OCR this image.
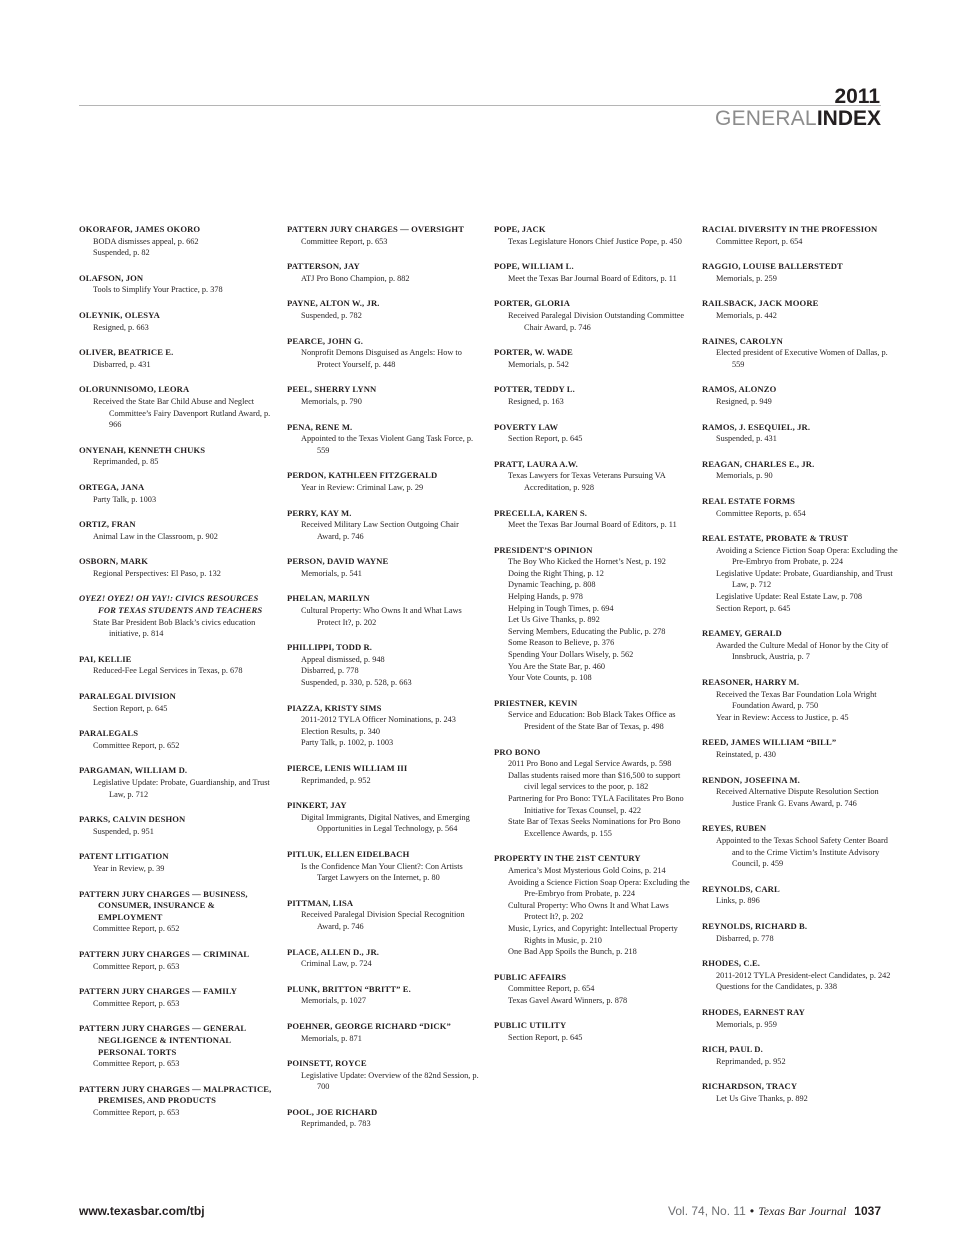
2011
GENERALINDEX
OKORAFOR, JAMES OKORO
BODA dismisses appeal, p. 662
Suspended, p. 82
OLAFSON, JON
Tools to Simplify Your Practice, p. 378
OLEYNIK, OLESYA
Resigned, p. 663
OLIVER, BEATRICE E.
Disbarred, p. 431
OLORUNNISOMO, LEORA
Received the State Bar Child Abuse and Neglect Committee’s Fairy Davenport Rutland Award, p. 966
ONYENAH, KENNETH CHUKS
Reprimanded, p. 85
ORTEGA, JANA
Party Talk, p. 1003
ORTIZ, FRAN
Animal Law in the Classroom, p. 902
OSBORN, MARK
Regional Perspectives: El Paso, p. 132
OYEZ! OYEZ! OH YAY!: CIVICS RESOURCES FOR TEXAS STUDENTS AND TEACHERS
State Bar President Bob Black’s civics education initiative, p. 814
PAI, KELLIE
Reduced-Fee Legal Services in Texas, p. 678
PARALEGAL DIVISION
Section Report, p. 645
PARALEGALS
Committee Report, p. 652
PARGAMAN, WILLIAM D.
Legislative Update: Probate, Guardianship, and Trust Law, p. 712
PARKS, CALVIN DESHON
Suspended, p. 951
PATENT LITIGATION
Year in Review, p. 39
PATTERN JURY CHARGES — BUSINESS, CONSUMER, INSURANCE & EMPLOYMENT
Committee Report, p. 652
PATTERN JURY CHARGES — CRIMINAL
Committee Report, p. 653
PATTERN JURY CHARGES — FAMILY
Committee Report, p. 653
PATTERN JURY CHARGES — GENERAL NEGLIGENCE & INTENTIONAL PERSONAL TORTS
Committee Report, p. 653
PATTERN JURY CHARGES — MALPRACTICE, PREMISES, AND PRODUCTS
Committee Report, p. 653
PATTERN JURY CHARGES — OVERSIGHT
Committee Report, p. 653
PATTERSON, JAY
ATJ Pro Bono Champion, p. 882
PAYNE, ALTON W., JR.
Suspended, p. 782
PEARCE, JOHN G.
Nonprofit Demons Disguised as Angels: How to Protect Yourself, p. 448
PEEL, SHERRY LYNN
Memorials, p. 790
PENA, RENE M.
Appointed to the Texas Violent Gang Task Force, p. 559
PERDON, KATHLEEN FITZGERALD
Year in Review: Criminal Law, p. 29
PERRY, KAY M.
Received Military Law Section Outgoing Chair Award, p. 746
PERSON, DAVID WAYNE
Memorials, p. 541
PHELAN, MARILYN
Cultural Property: Who Owns It and What Laws Protect It?, p. 202
PHILLIPPI, TODD R.
Appeal dismissed, p. 948
Disbarred, p. 778
Suspended, p. 330, p. 528, p. 663
PIAZZA, KRISTY SIMS
2011-2012 TYLA Officer Nominations, p. 243
Election Results, p. 340
Party Talk, p. 1002, p. 1003
PIERCE, LENIS WILLIAM III
Reprimanded, p. 952
PINKERT, JAY
Digital Immigrants, Digital Natives, and Emerging Opportunities in Legal Technology, p. 564
PITLUK, ELLEN EIDELBACH
Is the Confidence Man Your Client?: Con Artists Target Lawyers on the Internet, p. 80
PITTMAN, LISA
Received Paralegal Division Special Recognition Award, p. 746
PLACE, ALLEN D., JR.
Criminal Law, p. 724
PLUNK, BRITTON “BRITT” E.
Memorials, p. 1027
POEHNER, GEORGE RICHARD “DICK”
Memorials, p. 871
POINSETT, ROYCE
Legislative Update: Overview of the 82nd Session, p. 700
POOL, JOE RICHARD
Reprimanded, p. 783
POPE, JACK
Texas Legislature Honors Chief Justice Pope, p. 450
POPE, WILLIAM L.
Meet the Texas Bar Journal Board of Editors, p. 11
PORTER, GLORIA
Received Paralegal Division Outstanding Committee Chair Award, p. 746
PORTER, W. WADE
Memorials, p. 542
POTTER, TEDDY L.
Resigned, p. 163
POVERTY LAW
Section Report, p. 645
PRATT, LAURA A.W.
Texas Lawyers for Texas Veterans Pursuing VA Accreditation, p. 928
PRECELLA, KAREN S.
Meet the Texas Bar Journal Board of Editors, p. 11
PRESIDENT’S OPINION
The Boy Who Kicked the Hornet’s Nest, p. 192
Doing the Right Thing, p. 12
Dynamic Teaching, p. 808
Helping Hands, p. 978
Helping in Tough Times, p. 694
Let Us Give Thanks, p. 892
Serving Members, Educating the Public, p. 278
Some Reason to Believe, p. 376
Spending Your Dollars Wisely, p. 562
You Are the State Bar, p. 460
Your Vote Counts, p. 108
PRIESTNER, KEVIN
Service and Education: Bob Black Takes Office as President of the State Bar of Texas, p. 498
PRO BONO
2011 Pro Bono and Legal Service Awards, p. 598
Dallas students raised more than $16,500 to support civil legal services to the poor, p. 182
Partnering for Pro Bono: TYLA Facilitates Pro Bono Initiative for Texas Counsel, p. 422
State Bar of Texas Seeks Nominations for Pro Bono Excellence Awards, p. 155
PROPERTY IN THE 21ST CENTURY
America’s Most Mysterious Gold Coins, p. 214
Avoiding a Science Fiction Soap Opera: Excluding the Pre-Embryo from Probate, p. 224
Cultural Property: Who Owns It and What Laws Protect It?, p. 202
Music, Lyrics, and Copyright: Intellectual Property Rights in Music, p. 210
One Bad App Spoils the Bunch, p. 218
PUBLIC AFFAIRS
Committee Report, p. 654
Texas Gavel Award Winners, p. 878
PUBLIC UTILITY
Section Report, p. 645
RACIAL DIVERSITY IN THE PROFESSION
Committee Report, p. 654
RAGGIO, LOUISE BALLERSTEDT
Memorials, p. 259
RAILSBACK, JACK MOORE
Memorials, p. 442
RAINES, CAROLYN
Elected president of Executive Women of Dallas, p. 559
RAMOS, ALONZO
Resigned, p. 949
RAMOS, J. ESEQUIEL, JR.
Suspended, p. 431
REAGAN, CHARLES E., JR.
Memorials, p. 90
REAL ESTATE FORMS
Committee Reports, p. 654
REAL ESTATE, PROBATE & TRUST
Avoiding a Science Fiction Soap Opera: Excluding the Pre-Embryo from Probate, p. 224
Legislative Update: Probate, Guardianship, and Trust Law, p. 712
Legislative Update: Real Estate Law, p. 708
Section Report, p. 645
REAMEY, GERALD
Awarded the Culture Medal of Honor by the City of Innsbruck, Austria, p. 7
REASONER, HARRY M.
Received the Texas Bar Foundation Lola Wright Foundation Award, p. 750
Year in Review: Access to Justice, p. 45
REED, JAMES WILLIAM “BILL”
Reinstated, p. 430
RENDON, JOSEFINA M.
Received Alternative Dispute Resolution Section Justice Frank G. Evans Award, p. 746
REYES, RUBEN
Appointed to the Texas School Safety Center Board and to the Crime Victim’s Institute Advisory Council, p. 459
REYNOLDS, CARL
Links, p. 896
REYNOLDS, RICHARD B.
Disbarred, p. 778
RHODES, C.E.
2011-2012 TYLA President-elect Candidates, p. 242
Questions for the Candidates, p. 338
RHODES, EARNEST RAY
Memorials, p. 959
RICH, PAUL D.
Reprimanded, p. 952
RICHARDSON, TRACY
Let Us Give Thanks, p. 892
www.texasbar.com/tbj	Vol. 74, No. 11 • Texas Bar Journal 1037
